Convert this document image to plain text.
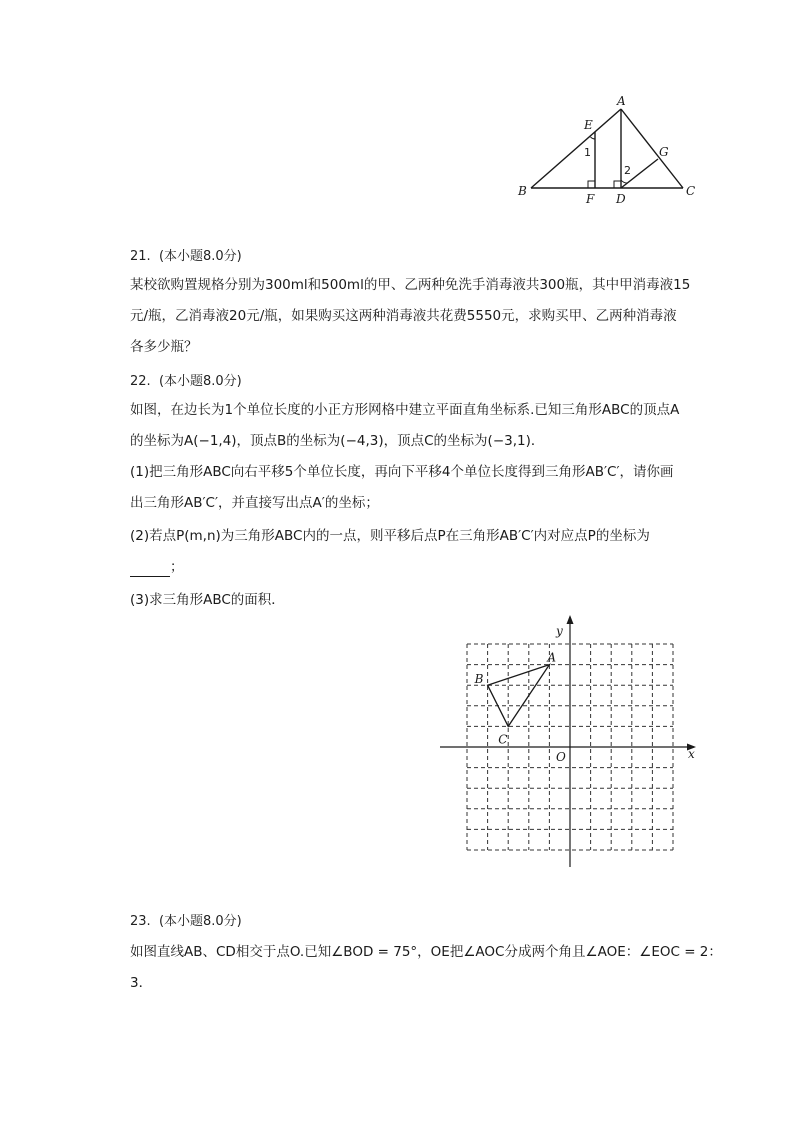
A
E
G
B
F D
C
1
2
21.  (本小题8.0分)
某校欲购置规格分别为300ml和500ml的甲、乙两种免洗手消毒液共300瓶，其中甲消毒液15
元/瓶，乙消毒液20元/瓶，如果购买这两种消毒液共花费5550元，求购买甲、乙两种消毒液
各多少瓶？
22.  (本小题8.0分)
如图，在边长为1个单位长度的小正方形网格中建立平面直角坐标系.已知三角形ABC的顶点A
的坐标为A(−1,4)，顶点B的坐标为(−4,3)，顶点C的坐标为(−3,1)．
(1)把三角形ABC向右平移5个单位长度，再向下平移4个单位长度得到三角形AB′C′，请你画
出三角形AB′C′，并直接写出点A′的坐标；
(2)若点P(m,n)为三角形ABC内的一点，则平移后点P在三角形AB′C′内对应点P的坐标为
；
(3)求三角形ABC的面积．
x
y
O
A
B
C
23.  (本小题8.0分)
如图直线AB、CD相交于点O.已知∠BOD = 75°，OE把∠AOC分成两个角且∠AOE：∠EOC = 2：
3．
